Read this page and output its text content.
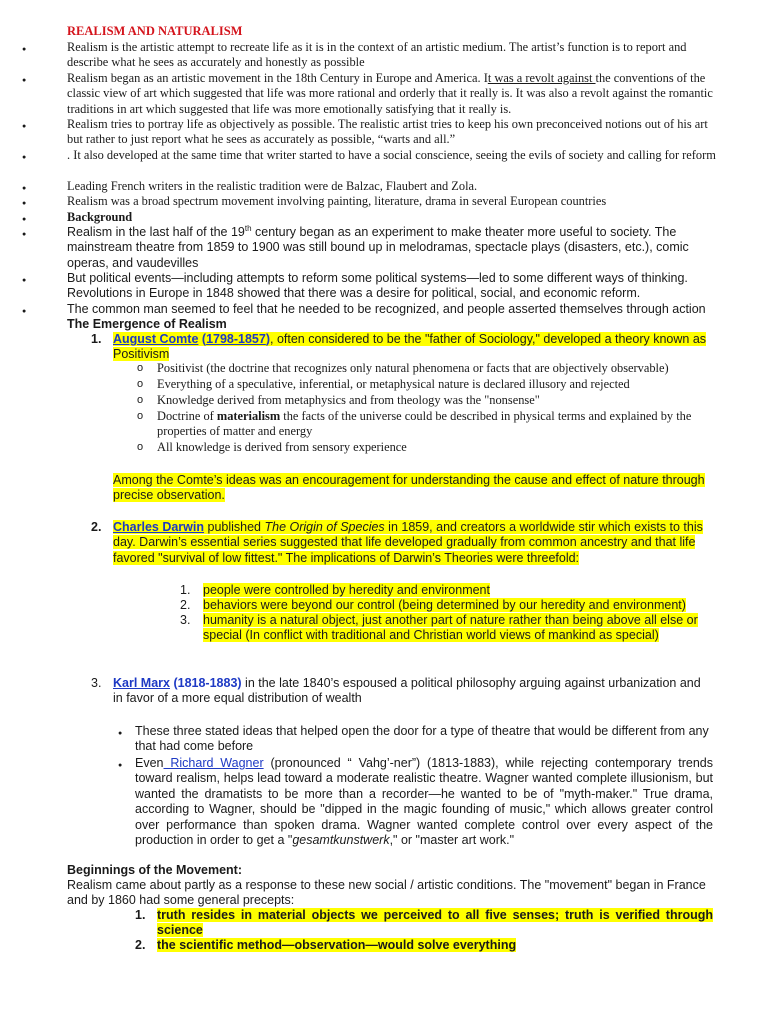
REALISM AND NATURALISM
●
Realism is the artistic attempt to recreate life as it is in the context of an artistic medium. The artist’s function is to report and describe what he sees as accurately and honestly as possible
●
Realism began as an artistic movement in the 18th Century in Europe and America. It was a revolt against the conventions of the classic view of art which suggested that life was more rational and orderly that it really is. It was also a revolt against the romantic traditions in art which suggested that life was more emotionally satisfying that it really is.
●
Realism tries to portray life as objectively as possible. The realistic artist tries to keep his own preconceived notions out of his art but rather to just report what he sees as accurately as possible, “warts and all.”
●
. It also developed at the same time that writer started to have a social conscience, seeing the evils of society and calling for reform
●
Leading French writers in the realistic tradition were de Balzac, Flaubert and Zola.
●
Realism was a broad spectrum movement involving painting, literature, drama in several European countries
●
Background
●
Realism in the last half of the 19th century began as an experiment to make theater more useful to society. The mainstream theatre from 1859 to 1900 was still bound up in melodramas, spectacle plays (disasters, etc.), comic operas, and vaudevilles
●
But political events—including attempts to reform some political systems—led to some different ways of thinking. Revolutions in Europe in 1848 showed that there was a desire for political, social, and economic reform.
●
The common man seemed to feel that he needed to be recognized, and people asserted themselves through action
The Emergence of Realism
1. August Comte (1798-1857), often considered to be the "father of Sociology," developed a theory known as Positivism
o Positivist (the doctrine that recognizes only natural phenomena or facts that are objectively observable)
o Everything of a speculative, inferential, or metaphysical nature is declared illusory and rejected
o Knowledge derived from metaphysics and from theology was the "nonsense"
o Doctrine of materialism the facts of the universe could be described in physical terms and explained by the properties of matter and energy
o All knowledge is derived from sensory experience
Among the Comte’s ideas was an encouragement for understanding the cause and effect of nature through precise observation.
2. Charles Darwin published The Origin of Species in 1859, and creators a worldwide stir which exists to this day. Darwin’s essential series suggested that life developed gradually from common ancestry and that life favored "survival of low fittest." The implications of Darwin’s Theories were threefold:
1. people were controlled by heredity and environment
2. behaviors were beyond our control (being determined by our heredity and environment)
3. humanity is a natural object, just another part of nature rather than being above all else or special (In conflict with traditional and Christian world views of mankind as special)
3. Karl Marx (1818-1883) in the late 1840’s espoused a political philosophy arguing against urbanization and in favor of a more equal distribution of wealth
●
These three stated ideas that helped open the door for a type of theatre that would be different from any that had come before
●
Even Richard Wagner (pronounced “ Vahg’-ner”) (1813-1883), while rejecting contemporary trends toward realism, helps lead toward a moderate realistic theatre. Wagner wanted complete illusionism, but wanted the dramatists to be more than a recorder—he wanted to be of "myth-maker." True drama, according to Wagner, should be "dipped in the magic founding of music," which allows greater control over performance than spoken drama. Wagner wanted complete control over every aspect of the production in order to get a "gesamtkunstwerk," or "master art work."
Beginnings of the Movement:
Realism came about partly as a response to these new social / artistic conditions. The "movement" began in France and by 1860 had some general precepts:
1. truth resides in material objects we perceived to all five senses; truth is verified through science
2. the scientific method—observation—would solve everything
